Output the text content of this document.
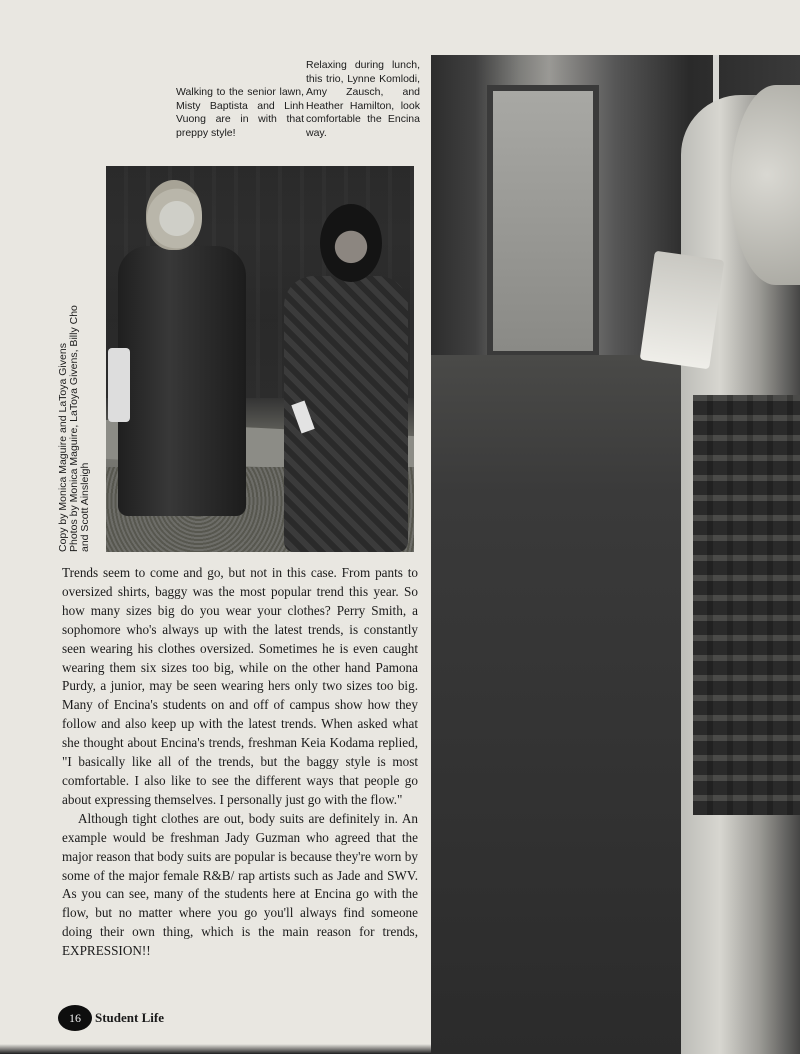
Walking to the senior lawn, Misty Baptista and Linh Vuong are in with that preppy style!
Relaxing during lunch, this trio, Lynne Komlodi, Amy Zausch, and Heather Hamilton, look comfortable the Encina way.
Copy by Monica Maguire and LaToya Givens Photos by Monica Maguire, LaToya Givens, Billy Cho and Scott Ainsleigh

Trends seem to come and go, but not in this case. From pants to oversized shirts, baggy was the most popular trend this year. So how many sizes big do you wear your clothes? Perry Smith, a sophomore who's always up with the latest trends, is constantly seen wearing his clothes oversized. Sometimes he is even caught wearing them six sizes too big, while on the other hand Pamona Purdy, a junior, may be seen wearing hers only two sizes too big. Many of Encina's students on and off of campus show how they follow and also keep up with the latest trends. When asked what she thought about Encina's trends, freshman Keia Kodama replied, "I basically like all of the trends, but the baggy style is most comfortable. I also like to see the different ways that people go about expressing themselves. I personally just go with the flow."

Although tight clothes are out, body suits are definitely in. An example would be freshman Jady Guzman who agreed that the major reason that body suits are popular is because they're worn by some of the major female R&B/ rap artists such as Jade and SWV. As you can see, many of the students here at Encina go with the flow, but no matter where you go you'll always find someone doing their own thing, which is the main reason for trends, EXPRESSION!!

16	Student Life
